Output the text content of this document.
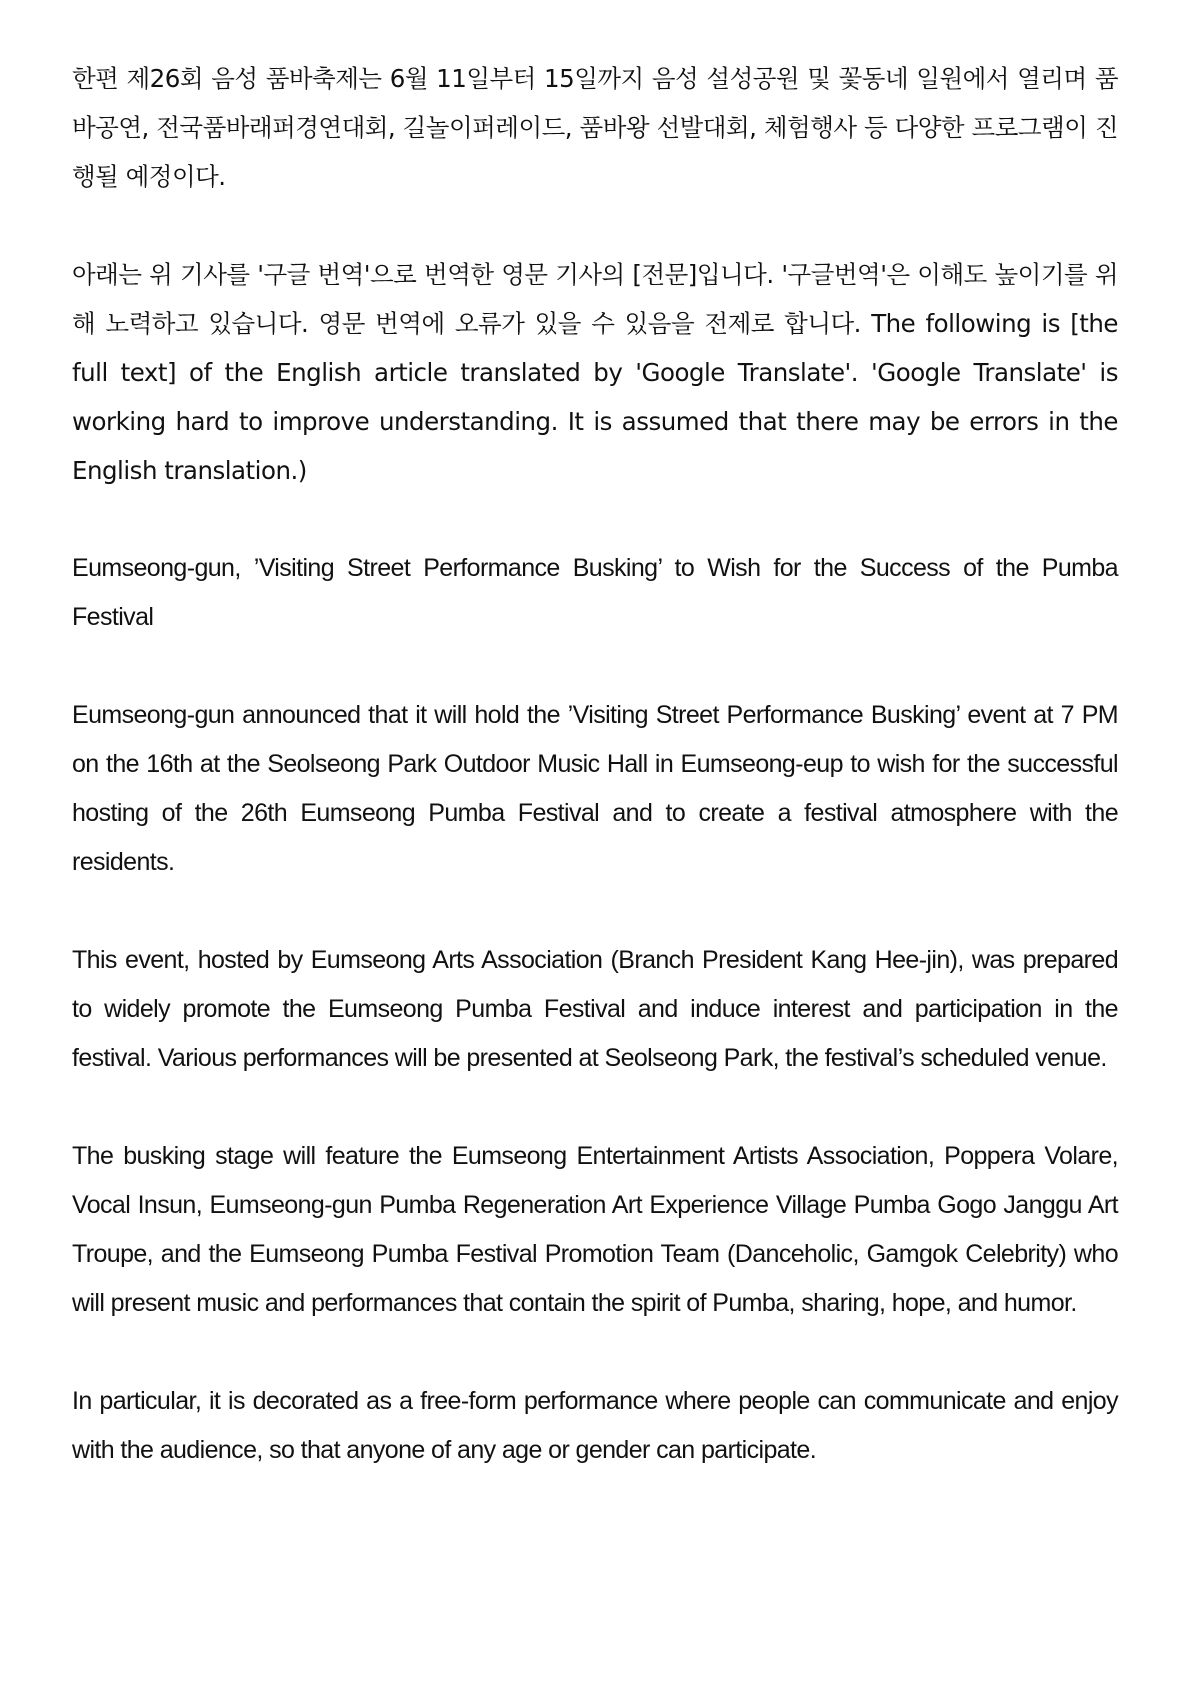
한편 제26회 음성 품바축제는 6월 11일부터 15일까지 음성 설성공원 및 꽃동네 일원에서 열리며 품바공연, 전국품바래퍼경연대회, 길놀이퍼레이드, 품바왕 선발대회, 체험행사 등 다양한 프로그램이 진행될 예정이다.

아래는 위 기사를 '구글 번역'으로 번역한 영문 기사의 [전문]입니다. '구글번역'은 이해도 높이기를 위해 노력하고 있습니다. 영문 번역에 오류가 있을 수 있음을 전제로 합니다. The following is [the full text] of the English article translated by 'Google Translate'. 'Google Translate' is working hard to improve understanding. It is assumed that there may be errors in the English translation.)

Eumseong-gun, ’Visiting Street Performance Busking’ to Wish for the Success of the Pumba Festival

Eumseong-gun announced that it will hold the ’Visiting Street Performance Busking’ event at 7 PM on the 16th at the Seolseong Park Outdoor Music Hall in Eumseong-eup to wish for the successful hosting of the 26th Eumseong Pumba Festival and to create a festival atmosphere with the residents.

This event, hosted by Eumseong Arts Association (Branch President Kang Hee-jin), was prepared to widely promote the Eumseong Pumba Festival and induce interest and participation in the festival. Various performances will be presented at Seolseong Park, the festival’s scheduled venue.

The busking stage will feature the Eumseong Entertainment Artists Association, Poppera Volare, Vocal Insun, Eumseong-gun Pumba Regeneration Art Experience Village Pumba Gogo Janggu Art Troupe, and the Eumseong Pumba Festival Promotion Team (Danceholic, Gamgok Celebrity) who will present music and performances that contain the spirit of Pumba, sharing, hope, and humor.

In particular, it is decorated as a free-form performance where people can communicate and enjoy with the audience, so that anyone of any age or gender can participate.
